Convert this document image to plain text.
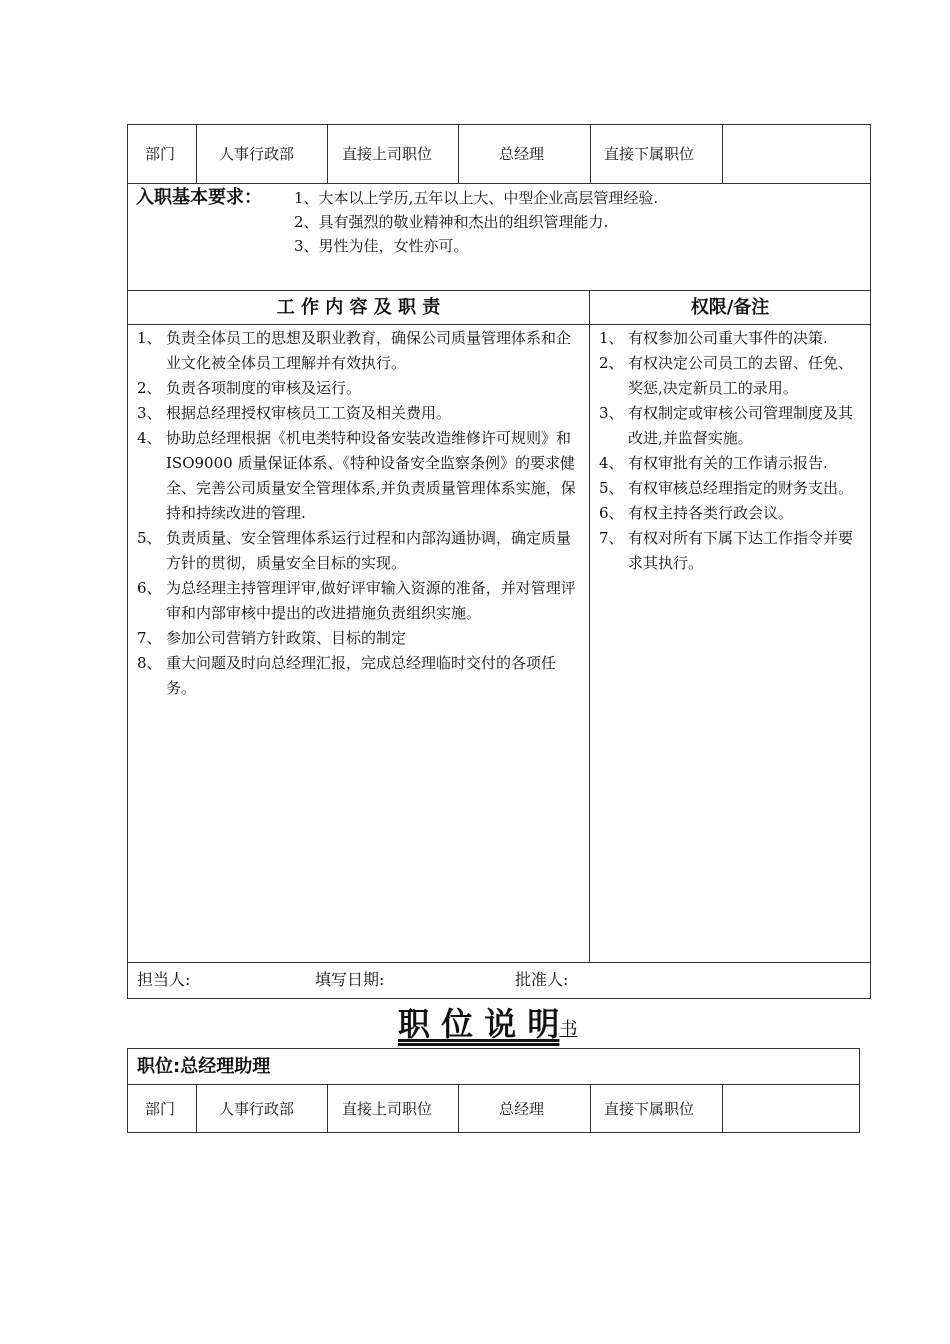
部门	人事行政部	直接上司职位	总经理	直接下属职位
入职基本要求： 1、大本以上学历,五年以上大、中型企业高层管理经验.
2、具有强烈的敬业精神和杰出的组织管理能力.
3、男性为佳，女性亦可。
工 作 内 容 及 职 责	权限/备注
1、 负责全体员工的思想及职业教育，确保公司质量管理体系和企业文化被全体员工理解并有效执行。
2、 负责各项制度的审核及运行。
3、 根据总经理授权审核员工工资及相关费用。
4、 协助总经理根据《机电类特种设备安装改造维修许可规则》和 ISO9000 质量保证体系、《特种设备安全监察条例》的要求健全、完善公司质量安全管理体系,并负责质量管理体系实施，保持和持续改进的管理.
5、 负责质量、安全管理体系运行过程和内部沟通协调，确定质量方针的贯彻，质量安全目标的实现。
6、 为总经理主持管理评审,做好评审输入资源的准备，并对管理评审和内部审核中提出的改进措施负责组织实施。
7、 参加公司营销方针政策、目标的制定
8、 重大问题及时向总经理汇报，完成总经理临时交付的各项任务。
1、 有权参加公司重大事件的决策.
2、 有权决定公司员工的去留、任免、奖惩,决定新员工的录用。
3、 有权制定或审核公司管理制度及其改进,并监督实施。
4、 有权审批有关的工作请示报告.
5、 有权审核总经理指定的财务支出。
6、 有权主持各类行政会议。
7、 有权对所有下属下达工作指令并要求其执行。
担当人:	填写日期:	批准人:
职 位 说 明书
职位:总经理助理
部门	人事行政部	直接上司职位	总经理	直接下属职位
